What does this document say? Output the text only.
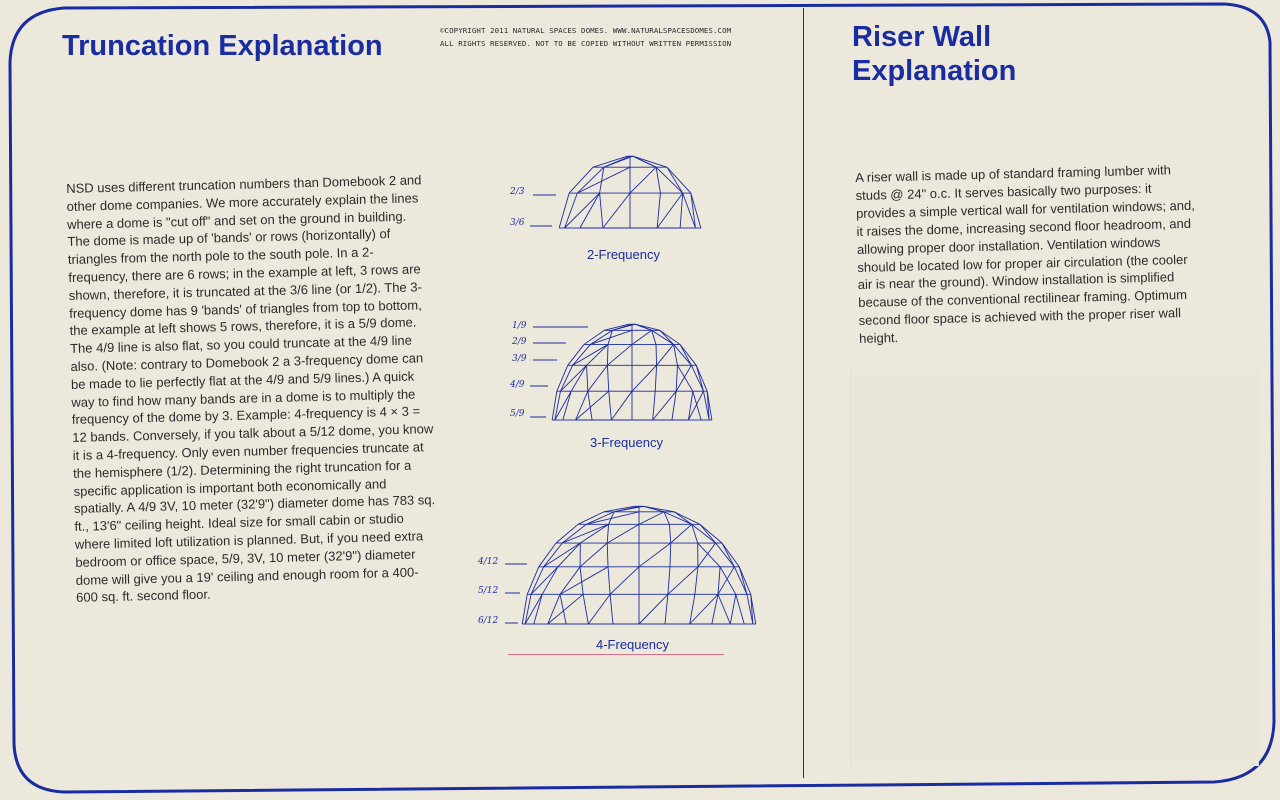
Truncation Explanation	©COPYRIGHT 2011 NATURAL SPACES DOMES. WWW.NATURALSPACESDOMES.COM
ALL RIGHTS RESERVED. NOT TO BE COPIED WITHOUT WRITTEN PERMISSION	Riser Wall Explanation
NSD uses different truncation numbers than Domebook 2 and other dome companies. We more accurately explain the lines where a dome is "cut off" and set on the ground in building. The dome is made up of 'bands' or rows (horizontally) of triangles from the north pole to the south pole. In a 2-frequency, there are 6 rows; in the example at left, 3 rows are shown, therefore, it is truncated at the 3/6 line (or 1/2). The 3-frequency dome has 9 'bands' of triangles from top to bottom, the example at left shows 5 rows, therefore, it is a 5/9 dome. The 4/9 line is also flat, so you could truncate at the 4/9 line also. (Note: contrary to Domebook 2 a 3-frequency dome can be made to lie perfectly flat at the 4/9 and 5/9 lines.) A quick way to find how many bands are in a dome is to multiply the frequency of the dome by 3. Example: 4-frequency is 4 × 3 = 12 bands. Conversely, if you talk about a 5/12 dome, you know it is a 4-frequency. Only even number frequencies truncate at the hemisphere (1/2). Determining the right truncation for a specific application is important both economically and spatially. A 4/9 3V, 10 meter (32'9") diameter dome has 783 sq. ft., 13'6" ceiling height. Ideal size for small cabin or studio where limited loft utilization is planned. But, if you need extra bedroom or office space, 5/9, 3V, 10 meter (32'9") diameter dome will give you a 19' ceiling and enough room for a 400-600 sq. ft. second floor.
A riser wall is made up of standard framing lumber with studs @ 24" o.c. It serves basically two purposes: it provides a simple vertical wall for ventilation windows; and, it raises the dome, increasing second floor headroom, and allowing proper door installation. Ventilation windows should be located low for proper air circulation (the cooler air is near the ground). Window installation is simplified because of the conventional rectilinear framing. Optimum second floor space is achieved with the proper riser wall height.
2/3
3/6
2-Frequency
1/9
2/9
3/9
4/9
5/9
3-Frequency
4/12
5/12
6/12
4-Frequency
